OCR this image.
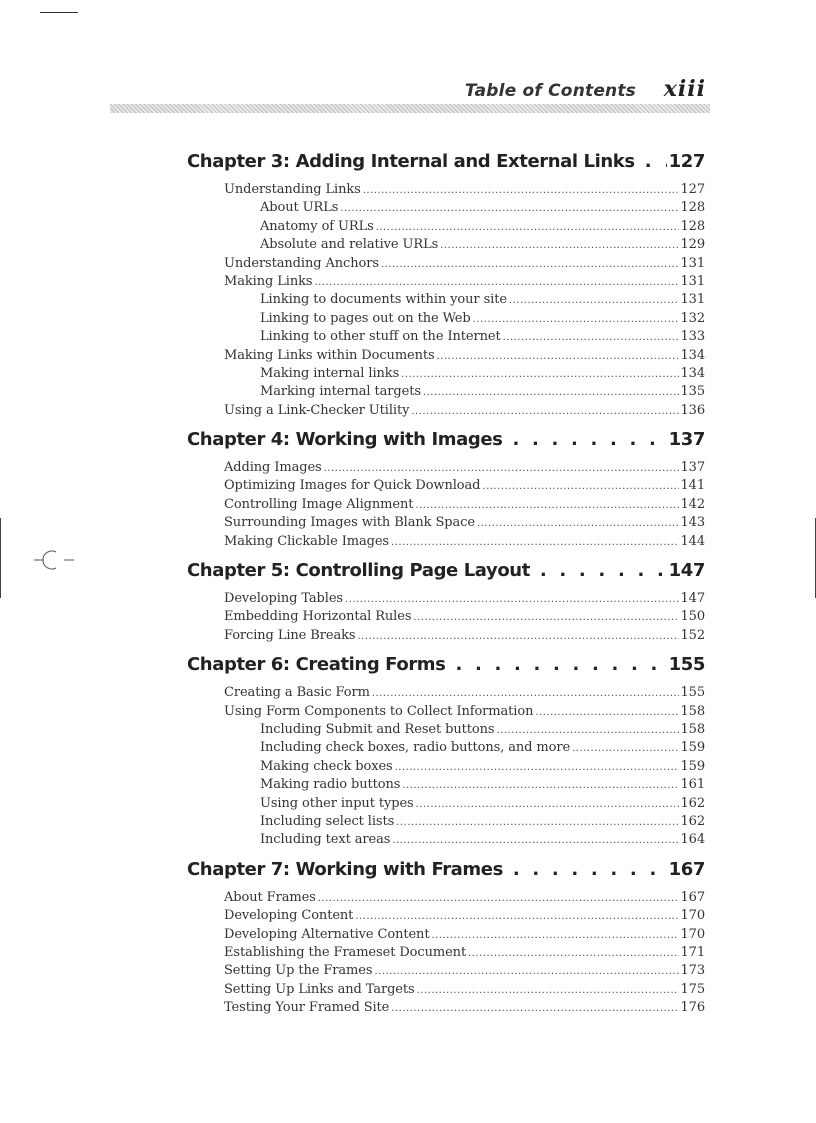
Table of Contents xiii
Chapter 3: Adding Internal and External Links . . . 127
Understanding Links .....	127
About URLs .....	128
Anatomy of URLs .....	128
Absolute and relative URLs .....	129
Understanding Anchors .....	131
Making Links .....	131
Linking to documents within your site .....	131
Linking to pages out on the Web .....	132
Linking to other stuff on the Internet .....	133
Making Links within Documents .....	134
Making internal links .....	134
Marking internal targets .....	135
Using a Link-Checker Utility .....	136
Chapter 4: Working with Images . . .	137
Adding Images .....	137
Optimizing Images for Quick Download .....	141
Controlling Image Alignment .....	142
Surrounding Images with Blank Space .....	143
Making Clickable Images .....	144
Chapter 5: Controlling Page Layout . . .	147
Developing Tables .....	147
Embedding Horizontal Rules .....	150
Forcing Line Breaks .....	152
Chapter 6: Creating Forms . . .	155
Creating a Basic Form .....	155
Using Form Components to Collect Information .....	158
Including Submit and Reset buttons .....	158
Including check boxes, radio buttons, and more .....	159
Making check boxes .....	159
Making radio buttons .....	161
Using other input types .....	162
Including select lists .....	162
Including text areas .....	164
Chapter 7: Working with Frames . . .	167
About Frames .....	167
Developing Content .....	170
Developing Alternative Content .....	170
Establishing the Frameset Document .....	171
Setting Up the Frames .....	173
Setting Up Links and Targets .....	175
Testing Your Framed Site .....	176
